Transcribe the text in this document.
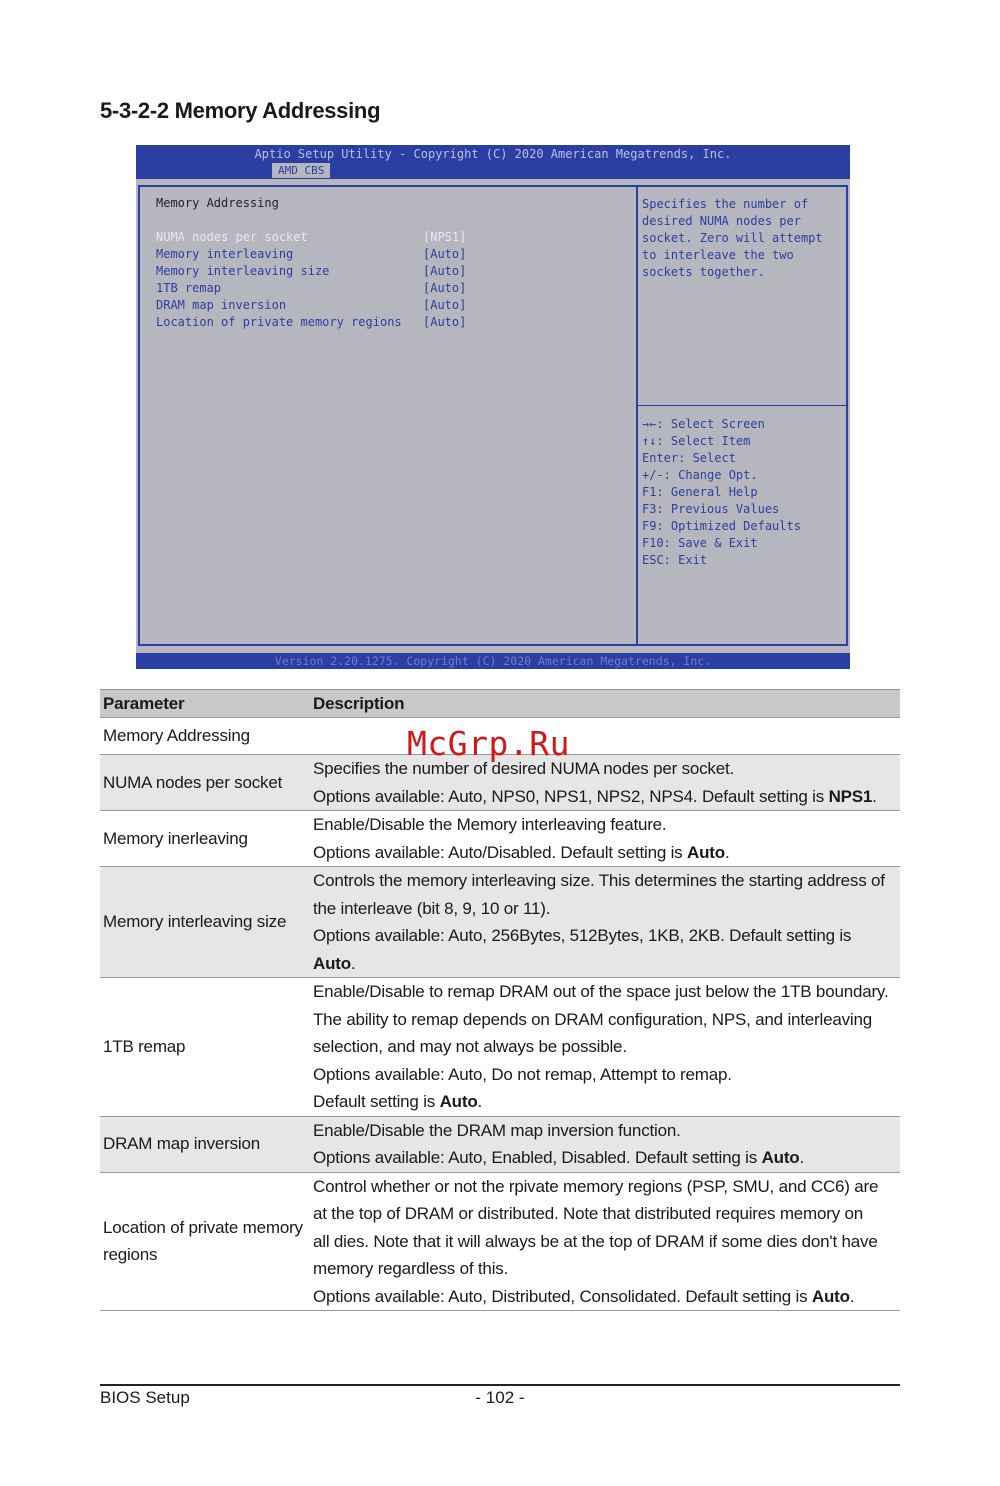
5-3-2-2 Memory Addressing
Aptio Setup Utility - Copyright (C) 2020 American Megatrends, Inc.
AMD CBS
Memory Addressing
NUMA nodes per socket	[NPS1]
Memory interleaving	[Auto]
Memory interleaving size	[Auto]
1TB remap	[Auto]
DRAM map inversion	[Auto]
Location of private memory regions [Auto]
Specifies the number of
desired NUMA nodes per
socket. Zero will attempt
to interleave the two
sockets together.
→←: Select Screen
↑↓: Select Item
Enter: Select
+/-: Change Opt.
F1: General Help
F3: Previous Values
F9: Optimized Defaults
F10: Save & Exit
ESC: Exit
Version 2.20.1275. Copyright (C) 2020 American Megatrends, Inc.
Parameter	Description
Memory Addressing	
NUMA nodes per socket	Specifies the number of desired NUMA nodes per socket.
Options available: Auto, NPS0, NPS1, NPS2, NPS4. Default setting is NPS1.

Memory inerleaving	Enable/Disable the Memory interleaving feature.
Options available: Auto/Disabled. Default setting is Auto.

Memory interleaving size	Controls the memory interleaving size. This determines the starting address of
the interleave (bit 8, 9, 10 or 11).
Options available: Auto, 256Bytes, 512Bytes, 1KB, 2KB. Default setting is Auto.

1TB remap	Enable/Disable to remap DRAM out of the space just below the 1TB boundary.
The ability to remap depends on DRAM configuration, NPS, and interleaving
selection, and may not always be possible.
Options available: Auto, Do not remap, Attempt to remap.
Default setting is Auto.

DRAM map inversion	Enable/Disable the DRAM map inversion function.
Options available: Auto, Enabled, Disabled. Default setting is Auto.

Location of private memory regions	Control whether or not the rpivate memory regions (PSP, SMU, and CC6) are
at the top of DRAM or distributed. Note that distributed requires memory on
all dies. Note that it will always be at the top of DRAM if some dies don't have
memory regardless of this.
Options available: Auto, Distributed, Consolidated. Default setting is Auto.
McGrp.Ru
BIOS Setup	- 102 -
